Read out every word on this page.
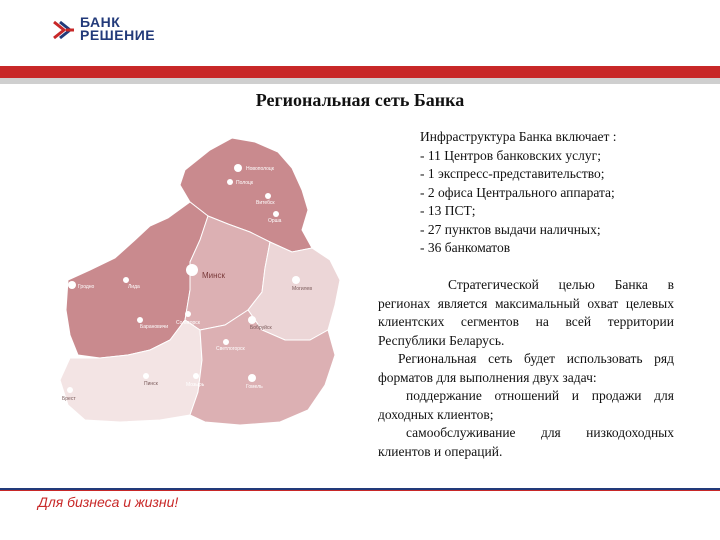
БАНК
РЕШЕНИЕ
Региональная сеть Банка
Новополоцк
Полоцк
Витебск
Орша
Гродно	Лида
Минск
Солигорск
Могилев
Бобруйск
Барановичи
Брест
Пинск
Светлогорск
Мозырь	Гомель
Инфраструктура Банка включает :
- 11 Центров банковских услуг;
- 1 экспресс-представительство;
- 2 офиса Центрального аппарата;
- 13 ПСТ;
- 27 пунктов выдачи наличных;
- 36 банкоматов

Стратегической целью Банка в регионах является максимальный охват целевых клиентских сегментов на всей территории Республики Беларусь.

Региональная сеть будет использовать ряд форматов для выполнения двух задач:

поддержание отношений и продажи для доходных клиентов;

самообслуживание для низкодоходных клиентов и операций.

Для бизнеса и жизни!
